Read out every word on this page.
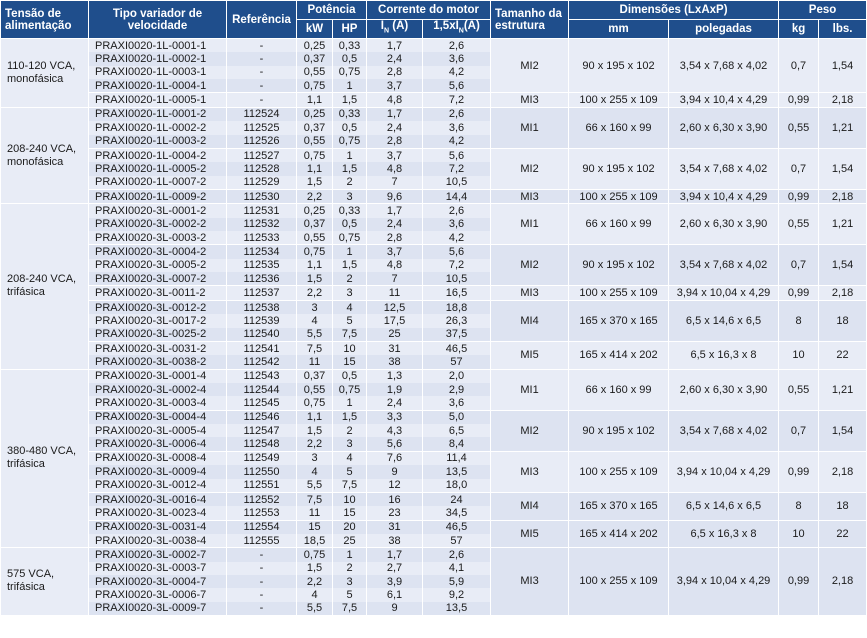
Tensão de alimentação	Tipo variador de velocidade	Referência	Potência		Corrente do motor		Tamanho da estrutura	Dimensões (LxAxP)		Peso	
			kW	HP	$I_N$ (A)	$1,5xI_N(A)$		mm	polegadas	kg	lbs.
110-120 VCA, monofásica	PRAXI0020-1L-0001-1	-	0,25	0,33	1,7	2,6	MI2	90 x 195 x 102	3,54 x 7,68 x 4,02	0,7	1,54
	PRAXI0020-1L-0002-1	-	0,37	0,5	2,4	3,6					
	PRAXI0020-1L-0003-1	-	0,55	0,75	2,8	4,2					
	PRAXI0020-1L-0004-1	-	0,75	1	3,7	5,6					
	PRAXI0020-1L-0005-1	-	1,1	1,5	4,8	7,2	MI3	100 x 255 x 109	3,94 x 10,4 x 4,29	0,99	2,18
208-240 VCA, monofásica	PRAXI0020-1L-0001-2	112524	0,25	0,33	1,7	2,6	MI1	66 x 160 x 99	2,60 x 6,30 x 3,90	0,55	1,21
	PRAXI0020-1L-0002-2	112525	0,37	0,5	2,4	3,6					
	PRAXI0020-1L-0003-2	112526	0,55	0,75	2,8	4,2					
	PRAXI0020-1L-0004-2	112527	0,75	1	3,7	5,6	MI2	90 x 195 x 102	3,54 x 7,68 x 4,02	0,7	1,54
	PRAXI0020-1L-0005-2	112528	1,1	1,5	4,8	7,2					
	PRAXI0020-1L-0007-2	112529	1,5	2	7	10,5					
	PRAXI0020-1L-0009-2	112530	2,2	3	9,6	14,4	MI3	100 x 255 x 109	3,94 x 10,4 x 4,29	0,99	2,18
208-240 VCA, trifásica	PRAXI0020-3L-0001-2	112531	0,25	0,33	1,7	2,6	MI1	66 x 160 x 99	2,60 x 6,30 x 3,90	0,55	1,21
	PRAXI0020-3L-0002-2	112532	0,37	0,5	2,4	3,6					
	PRAXI0020-3L-0003-2	112533	0,55	0,75	2,8	4,2					
	PRAXI0020-3L-0004-2	112534	0,75	1	3,7	5,6	MI2	90 x 195 x 102	3,54 x 7,68 x 4,02	0,7	1,54
	PRAXI0020-3L-0005-2	112535	1,1	1,5	4,8	7,2					
	PRAXI0020-3L-0007-2	112536	1,5	2	7	10,5					
	PRAXI0020-3L-0011-2	112537	2,2	3	11	16,5	MI3	100 x 255 x 109	3,94 x 10,04 x 4,29	0,99	2,18
	PRAXI0020-3L-0012-2	112538	3	4	12,5	18,8	MI4	165 x 370 x 165	6,5 x 14,6 x 6,5	8	18
	PRAXI0020-3L-0017-2	112539	4	5	17,5	26,3					
	PRAXI0020-3L-0025-2	112540	5,5	7,5	25	37,5					
	PRAXI0020-3L-0031-2	112541	7,5	10	31	46,5	MI5	165 x 414 x 202	6,5 x 16,3 x 8	10	22
	PRAXI0020-3L-0038-2	112542	11	15	38	57					
380-480 VCA, trifásica	PRAXI0020-3L-0001-4	112543	0,37	0,5	1,3	2,0	MI1	66 x 160 x 99	2,60 x 6,30 x 3,90	0,55	1,21
	PRAXI0020-3L-0002-4	112544	0,55	0,75	1,9	2,9					
	PRAXI0020-3L-0003-4	112545	0,75	1	2,4	3,6					
	PRAXI0020-3L-0004-4	112546	1,1	1,5	3,3	5,0	MI2	90 x 195 x 102	3,54 x 7,68 x 4,02	0,7	1,54
	PRAXI0020-3L-0005-4	112547	1,5	2	4,3	6,5					
	PRAXI0020-3L-0006-4	112548	2,2	3	5,6	8,4					
	PRAXI0020-3L-0008-4	112549	3	4	7,6	11,4	MI3	100 x 255 x 109	3,94 x 10,04 x 4,29	0,99	2,18
	PRAXI0020-3L-0009-4	112550	4	5	9	13,5					
	PRAXI0020-3L-0012-4	112551	5,5	7,5	12	18,0					
	PRAXI0020-3L-0016-4	112552	7,5	10	16	24	MI4	165 x 370 x 165	6,5 x 14,6 x 6,5	8	18
	PRAXI0020-3L-0023-4	112553	11	15	23	34,5					
	PRAXI0020-3L-0031-4	112554	15	20	31	46,5	MI5	165 x 414 x 202	6,5 x 16,3 x 8	10	22
	PRAXI0020-3L-0038-4	112555	18,5	25	38	57					
575 VCA, trifásica	PRAXI0020-3L-0002-7	-	0,75	1	1,7	2,6	MI3	100 x 255 x 109	3,94 x 10,04 x 4,29	0,99	2,18
	PRAXI0020-3L-0003-7	-	1,5	2	2,7	4,1					
	PRAXI0020-3L-0004-7	-	2,2	3	3,9	5,9					
	PRAXI0020-3L-0006-7	-	4	5	6,1	9,2					
	PRAXI0020-3L-0009-7	-	5,5	7,5	9	13,5					
